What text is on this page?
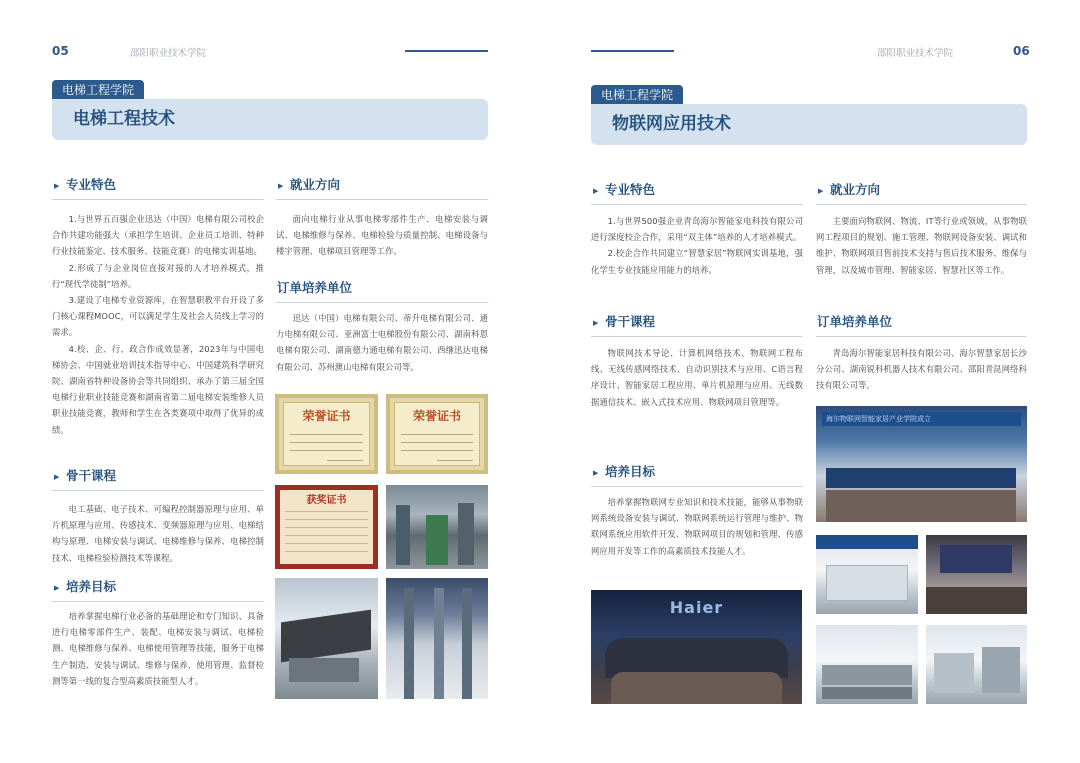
05	邵阳职业技术学院
电梯工程学院
电梯工程技术
▶ 专业特色

1.与世界五百强企业迅达（中国）电梯有限公司校企合作共建功能强大（承担学生培训、企业员工培训、特种行业技能鉴定、技术服务、技能竞赛）的电梯实训基地。

2.形成了与企业岗位直接对接的人才培养模式，推行“现代学徒制”培养。

3.建设了电梯专业资源库，在智慧职教平台开设了多门核心课程MOOC，可以满足学生及社会人员线上学习的需求。

4.校、企、行、政合作成效显著，2023年与中国电梯协会、中国就业培训技术指导中心、中国建筑科学研究院、湖南省特种设备协会等共同组织、承办了第三届全国电梯行业职业技能竞赛和湖南省第二届电梯安装维修人员职业技能竞赛，教师和学生在各类赛项中取得了优异的成绩。

▶ 骨干课程

电工基础、电子技术、可编程控制器原理与应用、单片机原理与应用、传感技术、变频器原理与应用、电梯结构与原理、电梯安装与调试、电梯维修与保养、电梯控制技术、电梯检验检测技术等课程。

▶ 培养目标

培养掌握电梯行业必备的基础理论和专门知识、具备进行电梯零部件生产、装配、电梯安装与调试、电梯检测、电梯维修与保养、电梯使用管理等技能，服务于电梯生产制造、安装与调试、维修与保养、使用管理、监督检测等第一线的复合型高素质技能型人才。

▶ 就业方向

面向电梯行业从事电梯零部件生产、电梯安装与调试、电梯维修与保养、电梯检验与质量控制、电梯设备与楼宇管理、电梯项目管理等工作。

订单培养单位

迅达（中国）电梯有限公司、蒂升电梯有限公司、通力电梯有限公司、亚洲富士电梯股份有限公司、湖南科恩电梯有限公司、湖南德力通电梯有限公司、西继迅达电梯有限公司、苏州澳山电梯有限公司等。

荣誉证书	荣誉证书
获奖证书
邵阳职业技术学院	06
电梯工程学院
物联网应用技术
▶ 专业特色

1.与世界500强企业青岛海尔智能家电科技有限公司进行深度校企合作，采用“双主体”培养的人才培养模式。

2.校企合作共同建立“智慧家居”物联网实训基地，强化学生专业技能应用能力的培养。

▶ 骨干课程

物联网技术导论、计算机网络技术、物联网工程布线、无线传感网络技术、自动识别技术与应用、C语言程序设计、智能家居工程应用、单片机原理与应用、无线数据通信技术、嵌入式技术应用、物联网项目管理等。

▶ 培养目标

培养掌握物联网专业知识和技术技能，能够从事物联网系统设备安装与调试、物联网系统运行管理与维护、物联网系统应用软件开发、物联网项目的规划和管理、传感网应用开发等工作的高素质技术技能人才。

▶ 就业方向

主要面向物联网、物流、IT等行业或领域，从事物联网工程项目的规划、施工管理、物联网设备安装、调试和维护、物联网项目售前技术支持与售后技术服务、维保与管理，以及城市管理、智能家居、智慧社区等工作。

订单培养单位

青岛海尔智能家居科技有限公司、海尔智慧家居长沙分公司、湖南锐科机器人技术有限公司、邵阳青昆网络科技有限公司等。

Haier
海尔物联网智能家居产业学院成立
